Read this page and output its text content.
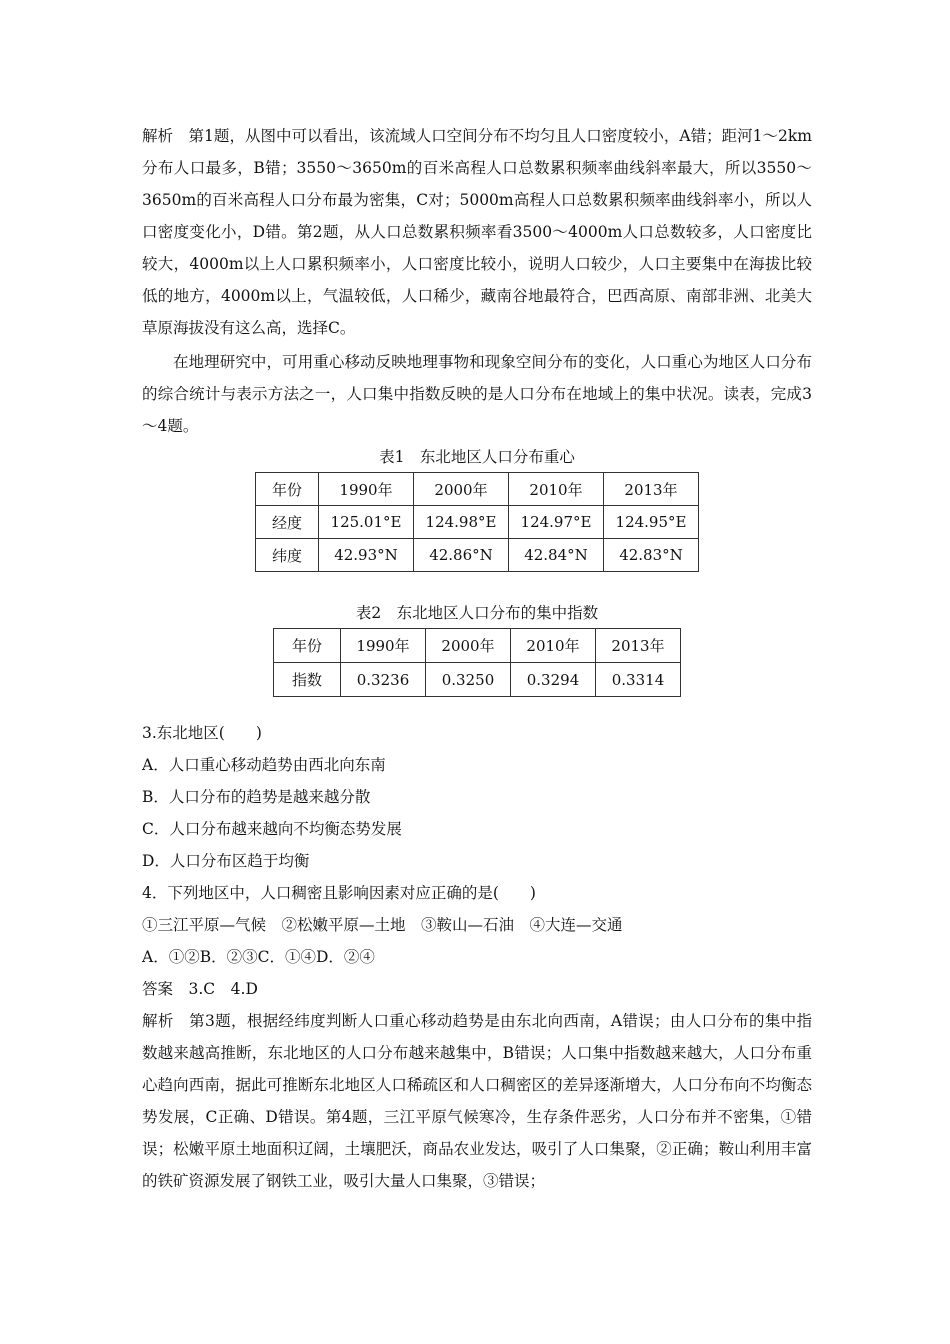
解析 第1题，从图中可以看出，该流域人口空间分布不均匀且人口密度较小，A错；距河1～2km分布人口最多，B错；3550～3650m的百米高程人口总数累积频率曲线斜率最大，所以3550～3650m的百米高程人口分布最为密集，C对；5000m高程人口总数累积频率曲线斜率小，所以人口密度变化小，D错。第2题，从人口总数累积频率看3500～4000m人口总数较多，人口密度比较大，4000m以上人口累积频率小，人口密度比较小，说明人口较少，人口主要集中在海拔比较低的地方，4000m以上，气温较低，人口稀少，藏南谷地最符合，巴西高原、南部非洲、北美大草原海拔没有这么高，选择C。

在地理研究中，可用重心移动反映地理事物和现象空间分布的变化，人口重心为地区人口分布的综合统计与表示方法之一，人口集中指数反映的是人口分布在地域上的集中状况。读表，完成3～4题。

表1　东北地区人口分布重心
年份	1990年	2000年	2010年	2013年
经度	125.01°E	124.98°E	124.97°E	124.95°E
纬度	42.93°N	42.86°N	42.84°N	42.83°N
表2　东北地区人口分布的集中指数
年份	1990年	2000年	2010年	2013年
指数	0.3236	0.3250	0.3294	0.3314

3.东北地区(　　)

A．人口重心移动趋势由西北向东南

B．人口分布的趋势是越来越分散

C．人口分布越来越向不均衡态势发展

D．人口分布区趋于均衡

4．下列地区中，人口稠密且影响因素对应正确的是(　　)

①三江平原—气候　②松嫩平原—土地　③鞍山—石油　④大连—交通

A．①②B．②③C．①④D．②④

答案 3.C　4.D

解析 第3题，根据经纬度判断人口重心移动趋势是由东北向西南，A错误；由人口分布的集中指数越来越高推断，东北地区的人口分布越来越集中，B错误；人口集中指数越来越大，人口分布重心趋向西南，据此可推断东北地区人口稀疏区和人口稠密区的差异逐渐增大，人口分布向不均衡态势发展，C正确、D错误。第4题，三江平原气候寒冷，生存条件恶劣，人口分布并不密集，①错误；松嫩平原土地面积辽阔，土壤肥沃，商品农业发达，吸引了人口集聚，②正确；鞍山利用丰富的铁矿资源发展了钢铁工业，吸引大量人口集聚，③错误；
